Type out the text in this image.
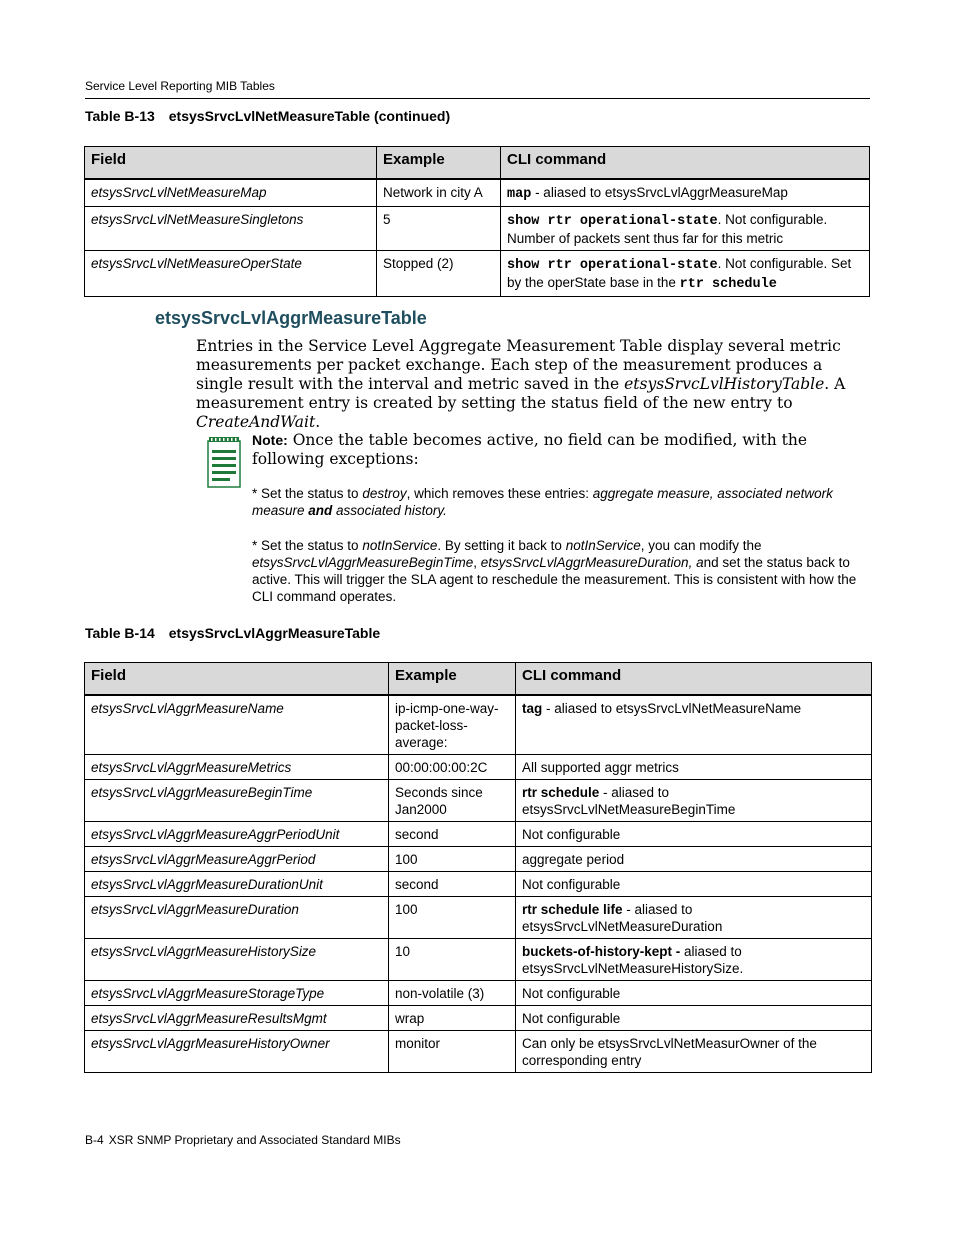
Service Level Reporting MIB Tables
Table B-13 etsysSrvcLvlNetMeasureTable (continued)
Field	Example	CLI command
etsysSrvcLvlNetMeasureMap	Network in city A	map - aliased to etsysSrvcLvlAggrMeasureMap
etsysSrvcLvlNetMeasureSingletons	5	show rtr operational-state. Not configurable. Number of packets sent thus far for this metric
etsysSrvcLvlNetMeasureOperState	Stopped (2)	show rtr operational-state. Not configurable. Set by the operState base in the rtr schedule
etsysSrvcLvlAggrMeasureTable
Entries in the Service Level Aggregate Measurement Table display several metric measurements per packet exchange. Each step of the measurement produces a single result with the interval and metric saved in the etsysSrvcLvlHistoryTable. A measurement entry is created by setting the status field of the new entry to CreateAndWait.
Note: Once the table becomes active, no field can be modified, with the following exceptions:
* Set the status to destroy, which removes these entries: aggregate measure, associated network measure and associated history.
* Set the status to notInService. By setting it back to notInService, you can modify the etsysSrvcLvlAggrMeasureBeginTime, etsysSrvcLvlAggrMeasureDuration, and set the status back to active. This will trigger the SLA agent to reschedule the measurement. This is consistent with how the CLI command operates.
Table B-14 etsysSrvcLvlAggrMeasureTable
Field	Example	CLI command
etsysSrvcLvlAggrMeasureName	ip-icmp-one-way-packet-loss-average:	tag - aliased to etsysSrvcLvlNetMeasureName
etsysSrvcLvlAggrMeasureMetrics	00:00:00:00:2C	All supported aggr metrics
etsysSrvcLvlAggrMeasureBeginTime	Seconds since Jan2000	rtr schedule - aliased to etsysSrvcLvlNetMeasureBeginTime
etsysSrvcLvlAggrMeasureAggrPeriodUnit	second	Not configurable
etsysSrvcLvlAggrMeasureAggrPeriod	100	aggregate period
etsysSrvcLvlAggrMeasureDurationUnit	second	Not configurable
etsysSrvcLvlAggrMeasureDuration	100	rtr schedule life - aliased to etsysSrvcLvlNetMeasureDuration
etsysSrvcLvlAggrMeasureHistorySize	10	buckets-of-history-kept - aliased to etsysSrvcLvlNetMeasureHistorySize.
etsysSrvcLvlAggrMeasureStorageType	non-volatile (3)	Not configurable
etsysSrvcLvlAggrMeasureResultsMgmt	wrap	Not configurable
etsysSrvcLvlAggrMeasureHistoryOwner	monitor	Can only be etsysSrvcLvlNetMeasurOwner of the corresponding entry
B-4 XSR SNMP Proprietary and Associated Standard MIBs
